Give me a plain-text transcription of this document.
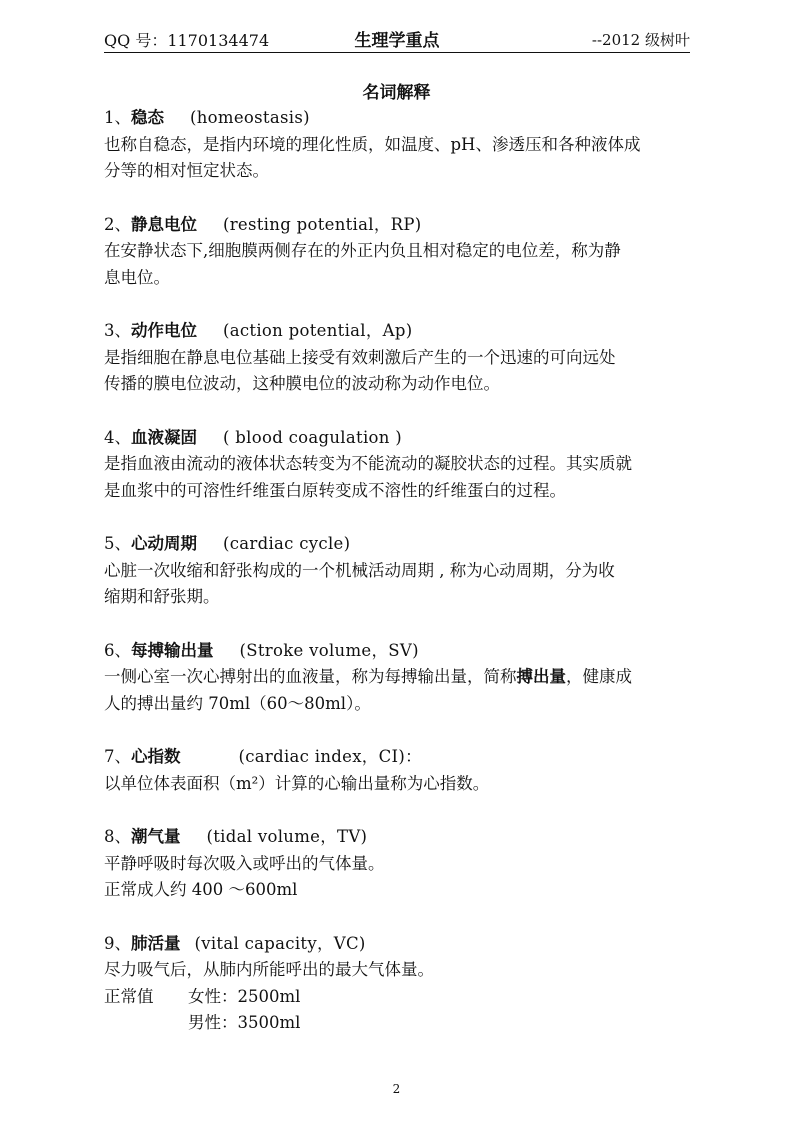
QQ 号：1170134474	生理学重点	--2012 级树叶
名词解释
1、稳态 (homeostasis)
也称自稳态，是指内环境的理化性质，如温度、pH、渗透压和各种液体成
分等的相对恒定状态。
2、静息电位 (resting potential，RP)
在安静状态下,细胞膜两侧存在的外正内负且相对稳定的电位差，称为静
息电位。
3、动作电位 (action potential，Ap)
是指细胞在静息电位基础上接受有效刺激后产生的一个迅速的可向远处
传播的膜电位波动，这种膜电位的波动称为动作电位。
4、血液凝固 ( blood coagulation )
是指血液由流动的液体状态转变为不能流动的凝胶状态的过程。其实质就
是血浆中的可溶性纤维蛋白原转变成不溶性的纤维蛋白的过程。
5、心动周期 (cardiac cycle)
心脏一次收缩和舒张构成的一个机械活动周期 , 称为心动周期，分为收
缩期和舒张期。
6、每搏输出量 (Stroke volume，SV)
一侧心室一次心搏射出的血液量，称为每搏输出量，简称搏出量，健康成
人的搏出量约 70ml（60～80ml）。
7、心指数	(cardiac index，CI)：
以单位体表面积（m²）计算的心输出量称为心指数。
8、潮气量 (tidal volume，TV)
平静呼吸时每次吸入或呼出的气体量。
正常成人约 400 ～600ml
9、肺活量 (vital capacity，VC)
尽力吸气后，从肺内所能呼出的最大气体量。
正常值 女性：2500ml
男性：3500ml
2
